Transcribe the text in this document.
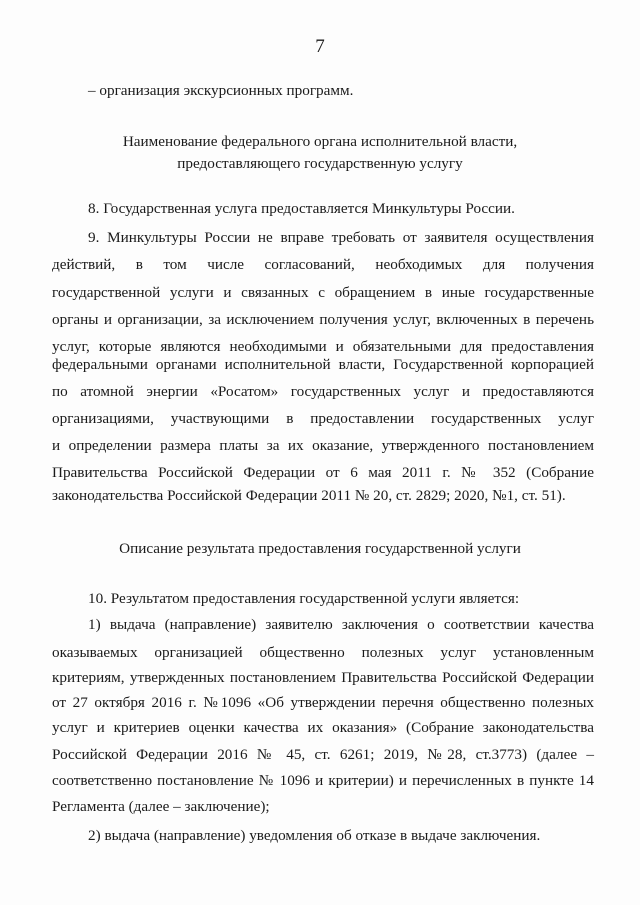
7
– организация экскурсионных программ.
Наименование федерального органа исполнительной власти,
предоставляющего государственную услугу
8. Государственная услуга предоставляется Минкультуры России.
9. Минкультуры России не вправе требовать от заявителя осуществления
действий, в том числе согласований, необходимых для получения
государственной услуги и связанных с обращением в иные государственные
органы и организации, за исключением получения услуг, включенных в перечень
услуг, которые являются необходимыми и обязательными для предоставления
федеральными органами исполнительной власти, Государственной корпорацией
по атомной энергии «Росатом» государственных услуг и предоставляются
организациями, участвующими в предоставлении государственных услуг
и определении размера платы за их оказание, утвержденного постановлением
Правительства Российской Федерации от 6 мая 2011 г. № 352 (Собрание
законодательства Российской Федерации 2011 № 20, ст. 2829; 2020, №1, ст. 51).
Описание результата предоставления государственной услуги
10. Результатом предоставления государственной услуги является:
1) выдача (направление) заявителю заключения о соответствии качества
оказываемых организацией общественно полезных услуг установленным
критериям, утвержденных постановлением Правительства Российской Федерации
от 27 октября 2016 г. №1096 «Об утверждении перечня общественно полезных
услуг и критериев оценки качества их оказания» (Собрание законодательства
Российской Федерации 2016 № 45, ст. 6261; 2019, №28, ст.3773) (далее –
соответственно постановление № 1096 и критерии) и перечисленных в пункте 14
Регламента (далее – заключение);
2) выдача (направление) уведомления об отказе в выдаче заключения.
